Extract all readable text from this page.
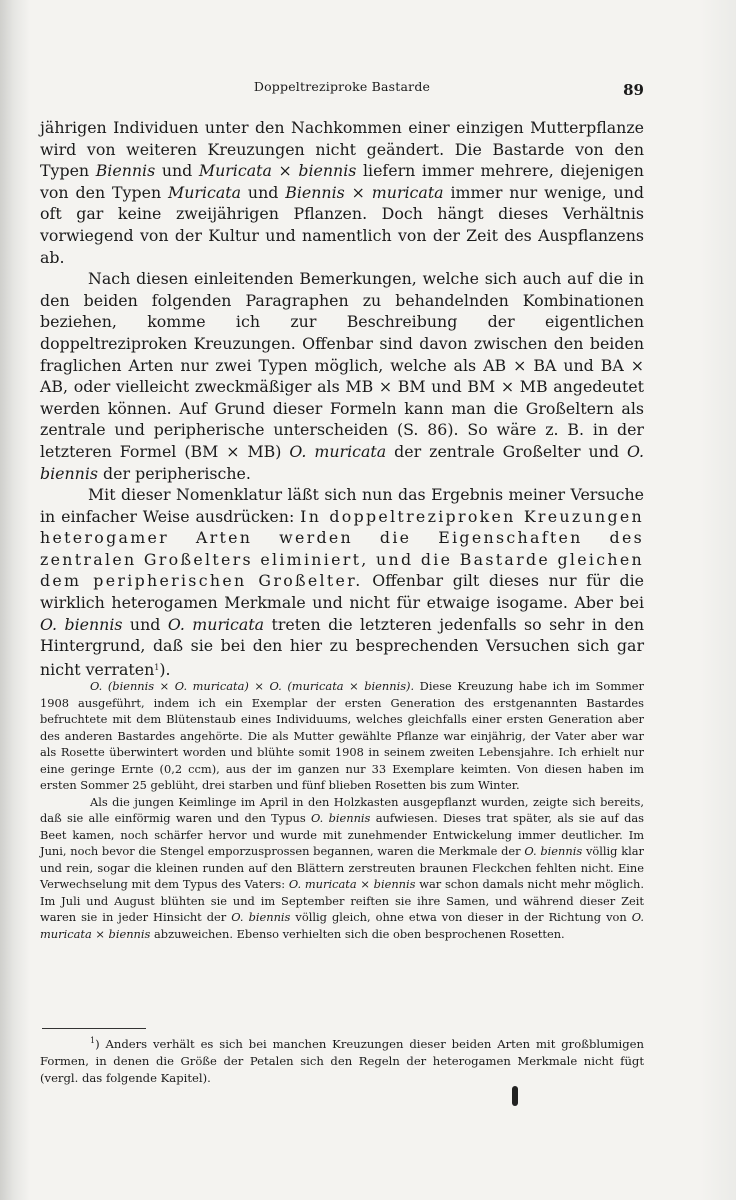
Doppeltreziproke Bastarde	89

jährigen Individuen unter den Nachkommen einer einzigen Mutterpflanze wird von weiteren Kreuzungen nicht geändert. Die Bastarde von den Typen Biennis und Muricata × biennis liefern immer mehrere, diejenigen von den Typen Muricata und Biennis × muricata immer nur wenige, und oft gar keine zweijährigen Pflanzen. Doch hängt dieses Verhältnis vorwiegend von der Kultur und namentlich von der Zeit des Auspflanzens ab.

Nach diesen einleitenden Bemerkungen, welche sich auch auf die in den beiden folgenden Paragraphen zu behandelnden Kombinationen beziehen, komme ich zur Beschreibung der eigentlichen doppeltreziproken Kreuzungen. Offenbar sind davon zwischen den beiden fraglichen Arten nur zwei Typen möglich, welche als AB × BA und BA × AB, oder vielleicht zweckmäßiger als MB × BM und BM × MB angedeutet werden können. Auf Grund dieser Formeln kann man die Großeltern als zentrale und peripherische unterscheiden (S. 86). So wäre z. B. in der letzteren Formel (BM × MB) O. muricata der zentrale Großelter und O. biennis der peripherische.

Mit dieser Nomenklatur läßt sich nun das Ergebnis meiner Versuche in einfacher Weise ausdrücken: In doppeltreziproken Kreuzungen heterogamer Arten werden die Eigenschaften des zentralen Großelters eliminiert, und die Bastarde gleichen dem peripherischen Großelter. Offenbar gilt dieses nur für die wirklich heterogamen Merkmale und nicht für etwaige isogame. Aber bei O. biennis und O. muricata treten die letzteren jedenfalls so sehr in den Hintergrund, daß sie bei den hier zu besprechenden Versuchen sich gar nicht verraten$^1$).

O. (biennis × O. muricata) × O. (muricata × biennis). Diese Kreuzung habe ich im Sommer 1908 ausgeführt, indem ich ein Exemplar der ersten Generation des erstgenannten Bastardes befruchtete mit dem Blütenstaub eines Individuums, welches gleichfalls einer ersten Generation aber des anderen Bastardes angehörte. Die als Mutter gewählte Pflanze war einjährig, der Vater aber war als Rosette überwintert worden und blühte somit 1908 in seinem zweiten Lebensjahre. Ich erhielt nur eine geringe Ernte (0,2 ccm), aus der im ganzen nur 33 Exemplare keimten. Von diesen haben im ersten Sommer 25 geblüht, drei starben und fünf blieben Rosetten bis zum Winter.

Als die jungen Keimlinge im April in den Holzkasten ausgepflanzt wurden, zeigte sich bereits, daß sie alle einförmig waren und den Typus O. biennis aufwiesen. Dieses trat später, als sie auf das Beet kamen, noch schärfer hervor und wurde mit zunehmender Entwickelung immer deutlicher. Im Juni, noch bevor die Stengel emporzusprossen begannen, waren die Merkmale der O. biennis völlig klar und rein, sogar die kleinen runden auf den Blättern zerstreuten braunen Fleckchen fehlten nicht. Eine Verwechselung mit dem Typus des Vaters: O. muricata × biennis war schon damals nicht mehr möglich. Im Juli und August blühten sie und im September reiften sie ihre Samen, und während dieser Zeit waren sie in jeder Hinsicht der O. biennis völlig gleich, ohne etwa von dieser in der Richtung von O. muricata × biennis abzuweichen. Ebenso verhielten sich die oben besprochenen Rosetten.

$^1$) Anders verhält es sich bei manchen Kreuzungen dieser beiden Arten mit großblumigen Formen, in denen die Größe der Petalen sich den Regeln der heterogamen Merkmale nicht fügt (vergl. das folgende Kapitel).
